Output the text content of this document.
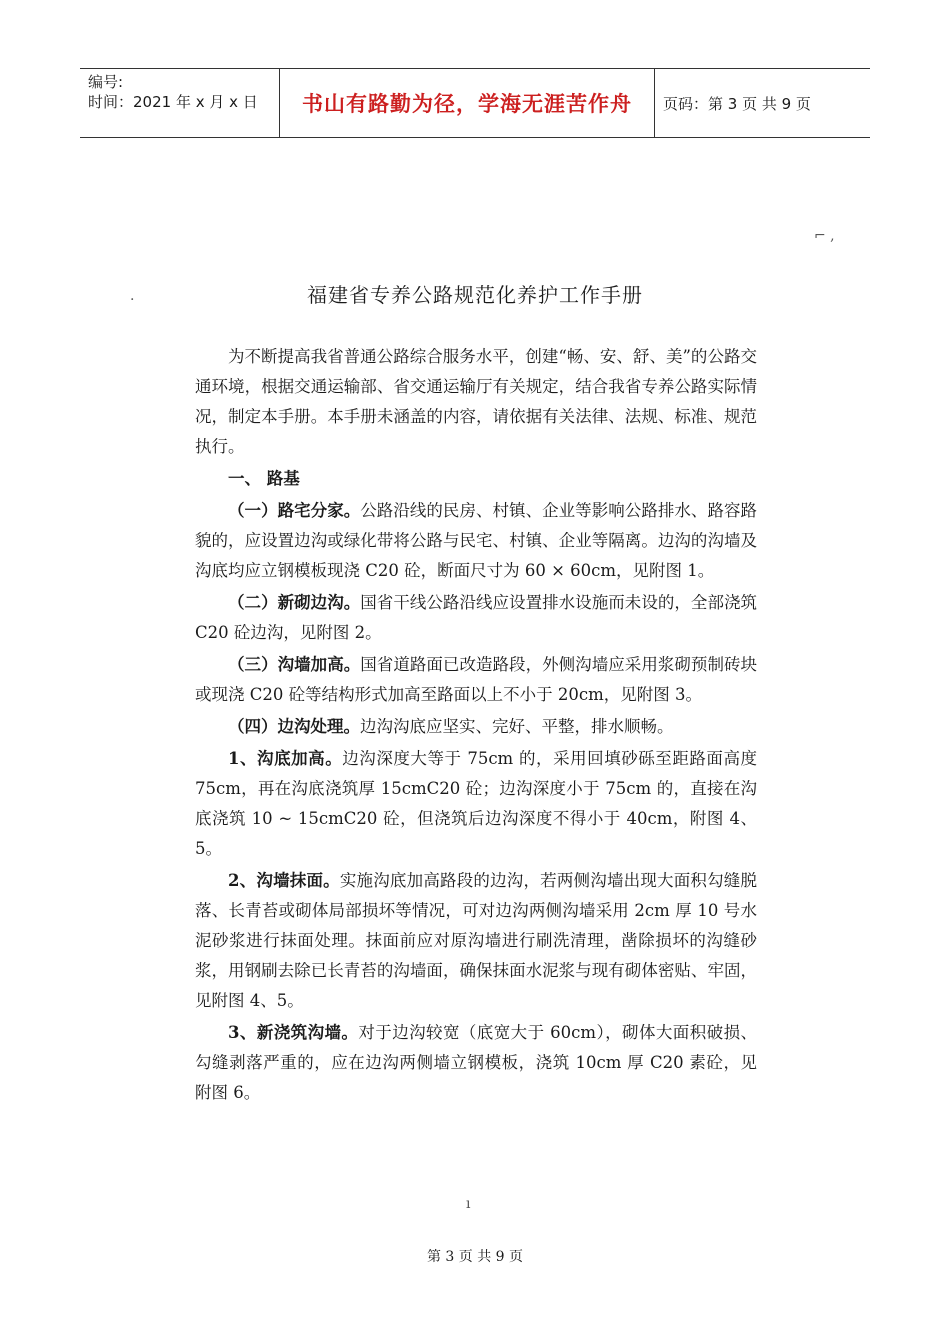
编号:
时间：2021 年 x 月 x 日	书山有路勤为径，学海无涯苦作舟	页码：第 3 页 共 9 页
⌐ ,
.	福建省专养公路规范化养护工作手册

为不断提高我省普通公路综合服务水平，创建“畅、安、舒、美”的公路交通环境，根据交通运输部、省交通运输厅有关规定，结合我省专养公路实际情况，制定本手册。本手册未涵盖的内容，请依据有关法律、法规、标准、规范执行。

一、 路基

（一）路宅分家。公路沿线的民房、村镇、企业等影响公路排水、路容路貌的，应设置边沟或绿化带将公路与民宅、村镇、企业等隔离。边沟的沟墙及沟底均应立钢模板现浇 C20 砼，断面尺寸为 60 × 60cm，见附图 1。

（二）新砌边沟。国省干线公路沿线应设置排水设施而未设的，全部浇筑 C20 砼边沟，见附图 2。

（三）沟墙加高。国省道路面已改造路段，外侧沟墙应采用浆砌预制砖块或现浇 C20 砼等结构形式加高至路面以上不小于 20cm，见附图 3。

（四）边沟处理。边沟沟底应坚实、完好、平整，排水顺畅。

1、沟底加高。边沟深度大等于 75cm 的，采用回填砂砾至距路面高度 75cm，再在沟底浇筑厚 15cmC20 砼；边沟深度小于 75cm 的，直接在沟底浇筑 10 ~ 15cmC20 砼，但浇筑后边沟深度不得小于 40cm，附图 4、5。

2、沟墙抹面。实施沟底加高路段的边沟，若两侧沟墙出现大面积勾缝脱落、长青苔或砌体局部损坏等情况，可对边沟两侧沟墙采用 2cm 厚 10 号水泥砂浆进行抹面处理。抹面前应对原沟墙进行刷洗清理，凿除损坏的沟缝砂浆，用钢刷去除已长青苔的沟墙面，确保抹面水泥浆与现有砌体密贴、牢固，见附图 4、5。

3、新浇筑沟墙。对于边沟较宽（底宽大于 60cm），砌体大面积破损、勾缝剥落严重的，应在边沟两侧墙立钢模板，浇筑 10cm 厚 C20 素砼，见附图 6。

ı
第 3 页 共 9 页
